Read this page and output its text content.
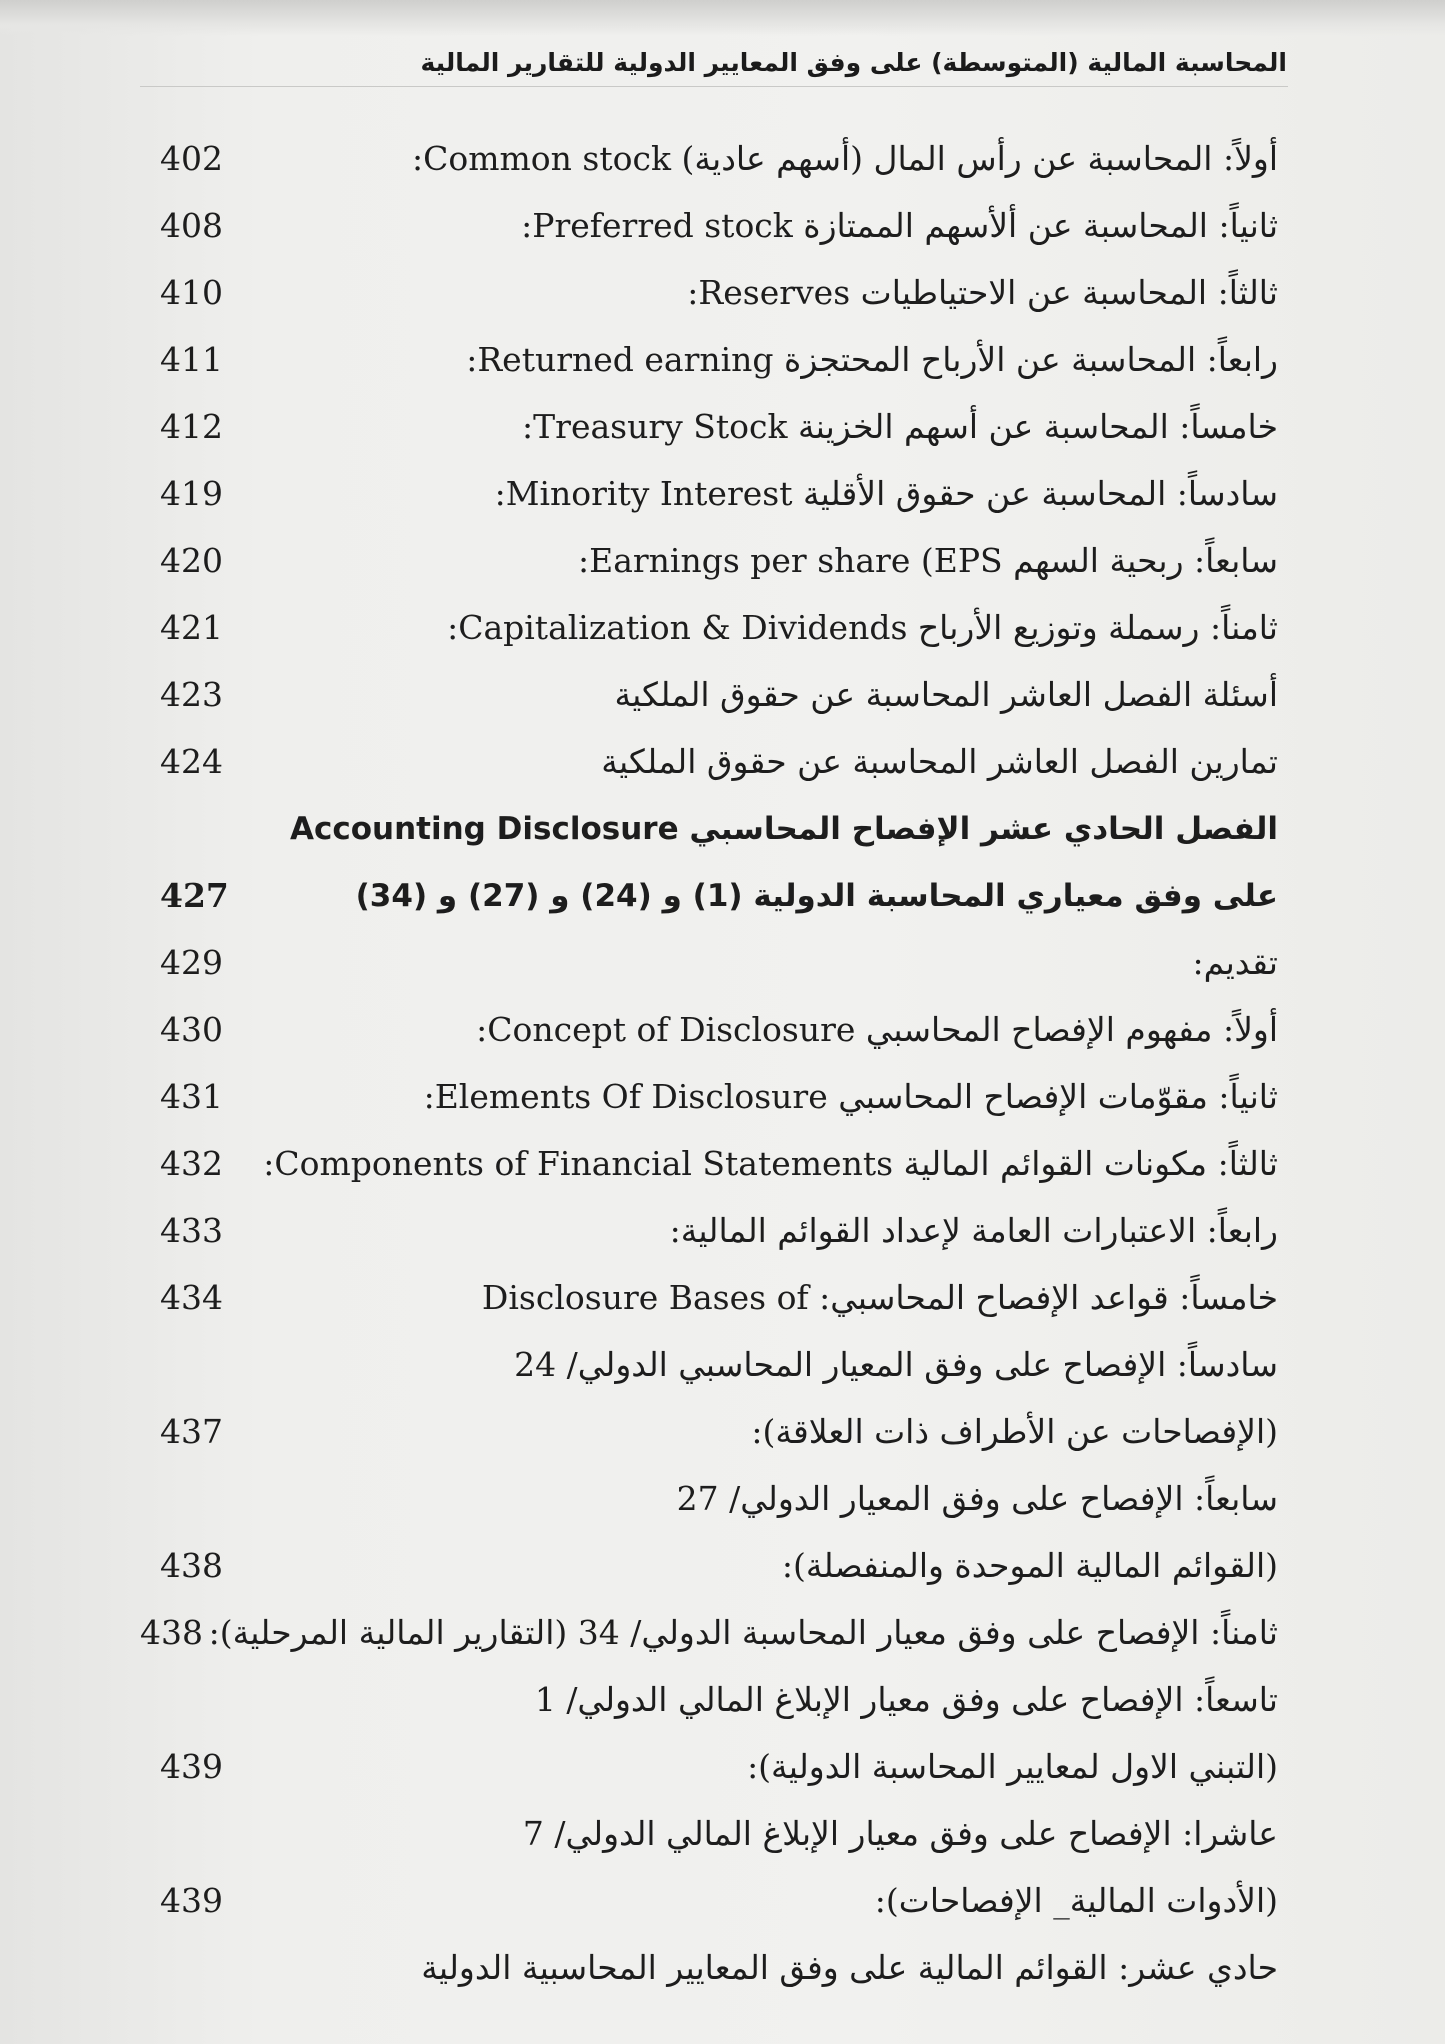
المحاسبة المالية (المتوسطة) على وفق المعايير الدولية للتقارير المالية
أولاً: المحاسبة عن رأس المال (أسهم عادية) Common stock:
402
ثانياً: المحاسبة عن ألأسهم الممتازة Preferred stock:
408
ثالثاً: المحاسبة عن الاحتياطيات Reserves:
410
رابعاً: المحاسبة عن الأرباح المحتجزة Returned earning:
411
خامساً: المحاسبة عن أسهم الخزينة Treasury Stock:
412
سادساً: المحاسبة عن حقوق الأقلية Minority Interest:
419
سابعاً: ربحية السهم Earnings per share (EPS:
420
ثامناً: رسملة وتوزيع الأرباح Capitalization & Dividends:
421
أسئلة الفصل العاشر المحاسبة عن حقوق الملكية
423
تمارين الفصل العاشر المحاسبة عن حقوق الملكية
424
الفصل الحادي عشر الإفصاح المحاسبي Accounting Disclosure
على وفق معياري المحاسبة الدولية (1) و (24) و (27) و (34)
427
تقديم:
429
أولاً: مفهوم الإفصاح المحاسبي Concept of Disclosure:
430
ثانياً: مقوّمات الإفصاح المحاسبي Elements Of Disclosure:
431
ثالثاً: مكونات القوائم المالية Components of Financial Statements:
432
رابعاً: الاعتبارات العامة لإعداد القوائم المالية:
433
خامساً: قواعد الإفصاح المحاسبي: Disclosure Bases of
434
سادساً: الإفصاح على وفق المعيار المحاسبي الدولي/ 24
(الإفصاحات عن الأطراف ذات العلاقة):
437
سابعاً: الإفصاح على وفق المعيار الدولي/ 27
(القوائم المالية الموحدة والمنفصلة):
438
ثامناً: الإفصاح على وفق معيار المحاسبة الدولي/ 34 (التقارير المالية المرحلية):
438
تاسعاً: الإفصاح على وفق معيار الإبلاغ المالي الدولي/ 1
(التبني الاول لمعايير المحاسبة الدولية):
439
عاشرا: الإفصاح على وفق معيار الإبلاغ المالي الدولي/ 7
(الأدوات المالية_ الإفصاحات):
439
حادي عشر: القوائم المالية على وفق المعايير المحاسبية الدولية
